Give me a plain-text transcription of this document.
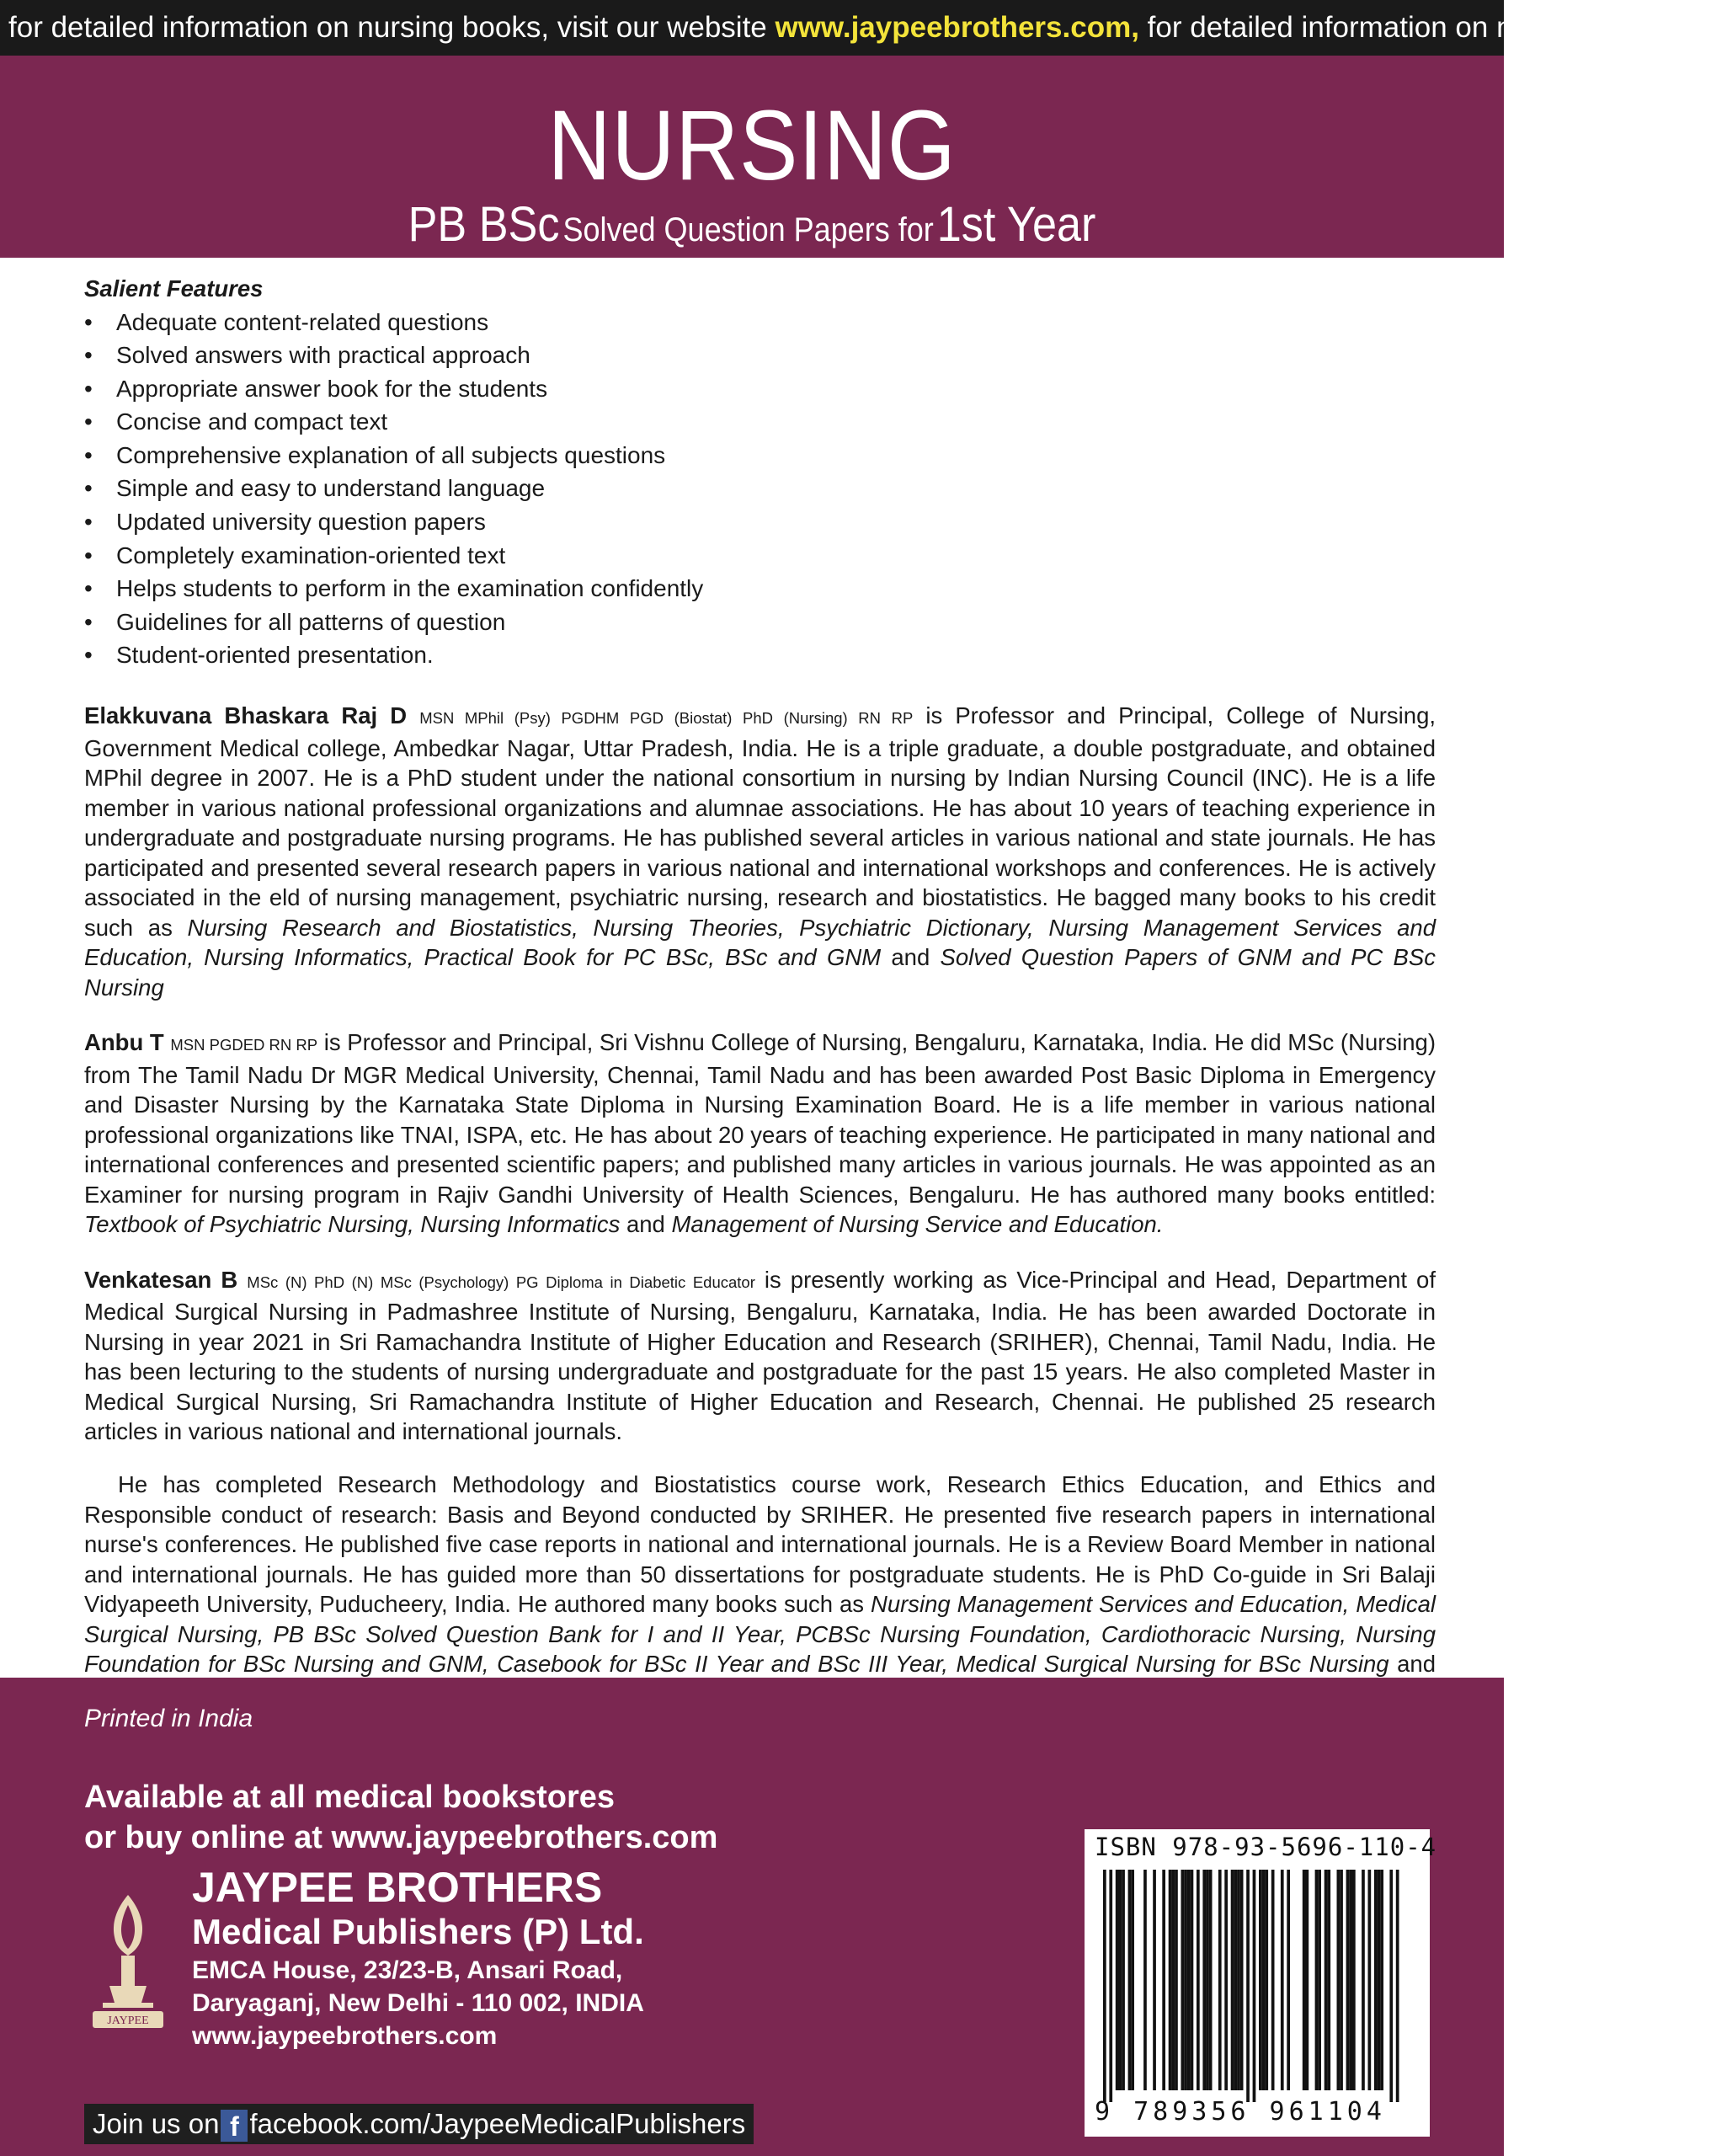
for detailed information on nursing books, visit our website www.jaypeebrothers.com, for detailed information on nursing books, v
NURSING
PB BSc Solved Question Papers for 1st Year
Salient Features
• Adequate content-related questions
• Solved answers with practical approach
• Appropriate answer book for the students
• Concise and compact text
• Comprehensive explanation of all subjects questions
• Simple and easy to understand language
• Updated university question papers
• Completely examination-oriented text
• Helps students to perform in the examination confidently
• Guidelines for all patterns of question
• Student-oriented presentation.

Elakkuvana Bhaskara Raj D MSN MPhil (Psy) PGDHM PGD (Biostat) PhD (Nursing) RN RP is Professor and Principal, College of Nursing, Government Medical college, Ambedkar Nagar, Uttar Pradesh, India. He is a triple graduate, a double postgraduate, and obtained MPhil degree in 2007. He is a PhD student under the national consortium in nursing by Indian Nursing Council (INC). He is a life member in various national professional organizations and alumnae associations. He has about 10 years of teaching experience in undergraduate and postgraduate nursing programs. He has published several articles in various national and state journals. He has participated and presented several research papers in various national and international workshops and conferences. He is actively associated in the eld of nursing management, psychiatric nursing, research and biostatistics. He bagged many books to his credit such as Nursing Research and Biostatistics, Nursing Theories, Psychiatric Dictionary, Nursing Management Services and Education, Nursing Informatics, Practical Book for PC BSc, BSc and GNM and Solved Question Papers of GNM and PC BSc Nursing

Anbu T MSN PGDED RN RP is Professor and Principal, Sri Vishnu College of Nursing, Bengaluru, Karnataka, India. He did MSc (Nursing) from The Tamil Nadu Dr MGR Medical University, Chennai, Tamil Nadu and has been awarded Post Basic Diploma in Emergency and Disaster Nursing by the Karnataka State Diploma in Nursing Examination Board. He is a life member in various national professional organizations like TNAI, ISPA, etc. He has about 20 years of teaching experience. He participated in many national and international conferences and presented scientific papers; and published many articles in various journals. He was appointed as an Examiner for nursing program in Rajiv Gandhi University of Health Sciences, Bengaluru. He has authored many books entitled: Textbook of Psychiatric Nursing, Nursing Informatics and Management of Nursing Service and Education.

Venkatesan B MSc (N) PhD (N) MSc (Psychology) PG Diploma in Diabetic Educator is presently working as Vice-Principal and Head, Department of Medical Surgical Nursing in Padmashree Institute of Nursing, Bengaluru, Karnataka, India. He has been awarded Doctorate in Nursing in year 2021 in Sri Ramachandra Institute of Higher Education and Research (SRIHER), Chennai, Tamil Nadu, India. He has been lecturing to the students of nursing undergraduate and postgraduate for the past 15 years. He also completed Master in Medical Surgical Nursing, Sri Ramachandra Institute of Higher Education and Research, Chennai. He published 25 research articles in various national and international journals.

He has completed Research Methodology and Biostatistics course work, Research Ethics Education, and Ethics and Responsible conduct of research: Basis and Beyond conducted by SRIHER. He presented five research papers in international nurse's conferences. He published five case reports in national and international journals. He is a Review Board Member in national and international journals. He has guided more than 50 dissertations for postgraduate students. He is PhD Co-guide in Sri Balaji Vidyapeeth University, Puducheery, India. He authored many books such as Nursing Management Services and Education, Medical Surgical Nursing, PB BSc Solved Question Bank for I and II Year, PCBSc Nursing Foundation, Cardiothoracic Nursing, Nursing Foundation for BSc Nursing and GNM, Casebook for BSc II Year and BSc III Year, Medical Surgical Nursing for BSc Nursing and

Printed in India
Available at all medical bookstores
or buy online at www.jaypeebrothers.com
JAYPEE
JAYPEE BROTHERS
Medical Publishers (P) Ltd.
EMCA House, 23/23-B, Ansari Road,
Daryaganj, New Delhi - 110 002, INDIA
www.jaypeebrothers.com
Join us on f facebook.com/JaypeeMedicalPublishers
ISBN 978-93-5696-110-4
9 789356 961104
